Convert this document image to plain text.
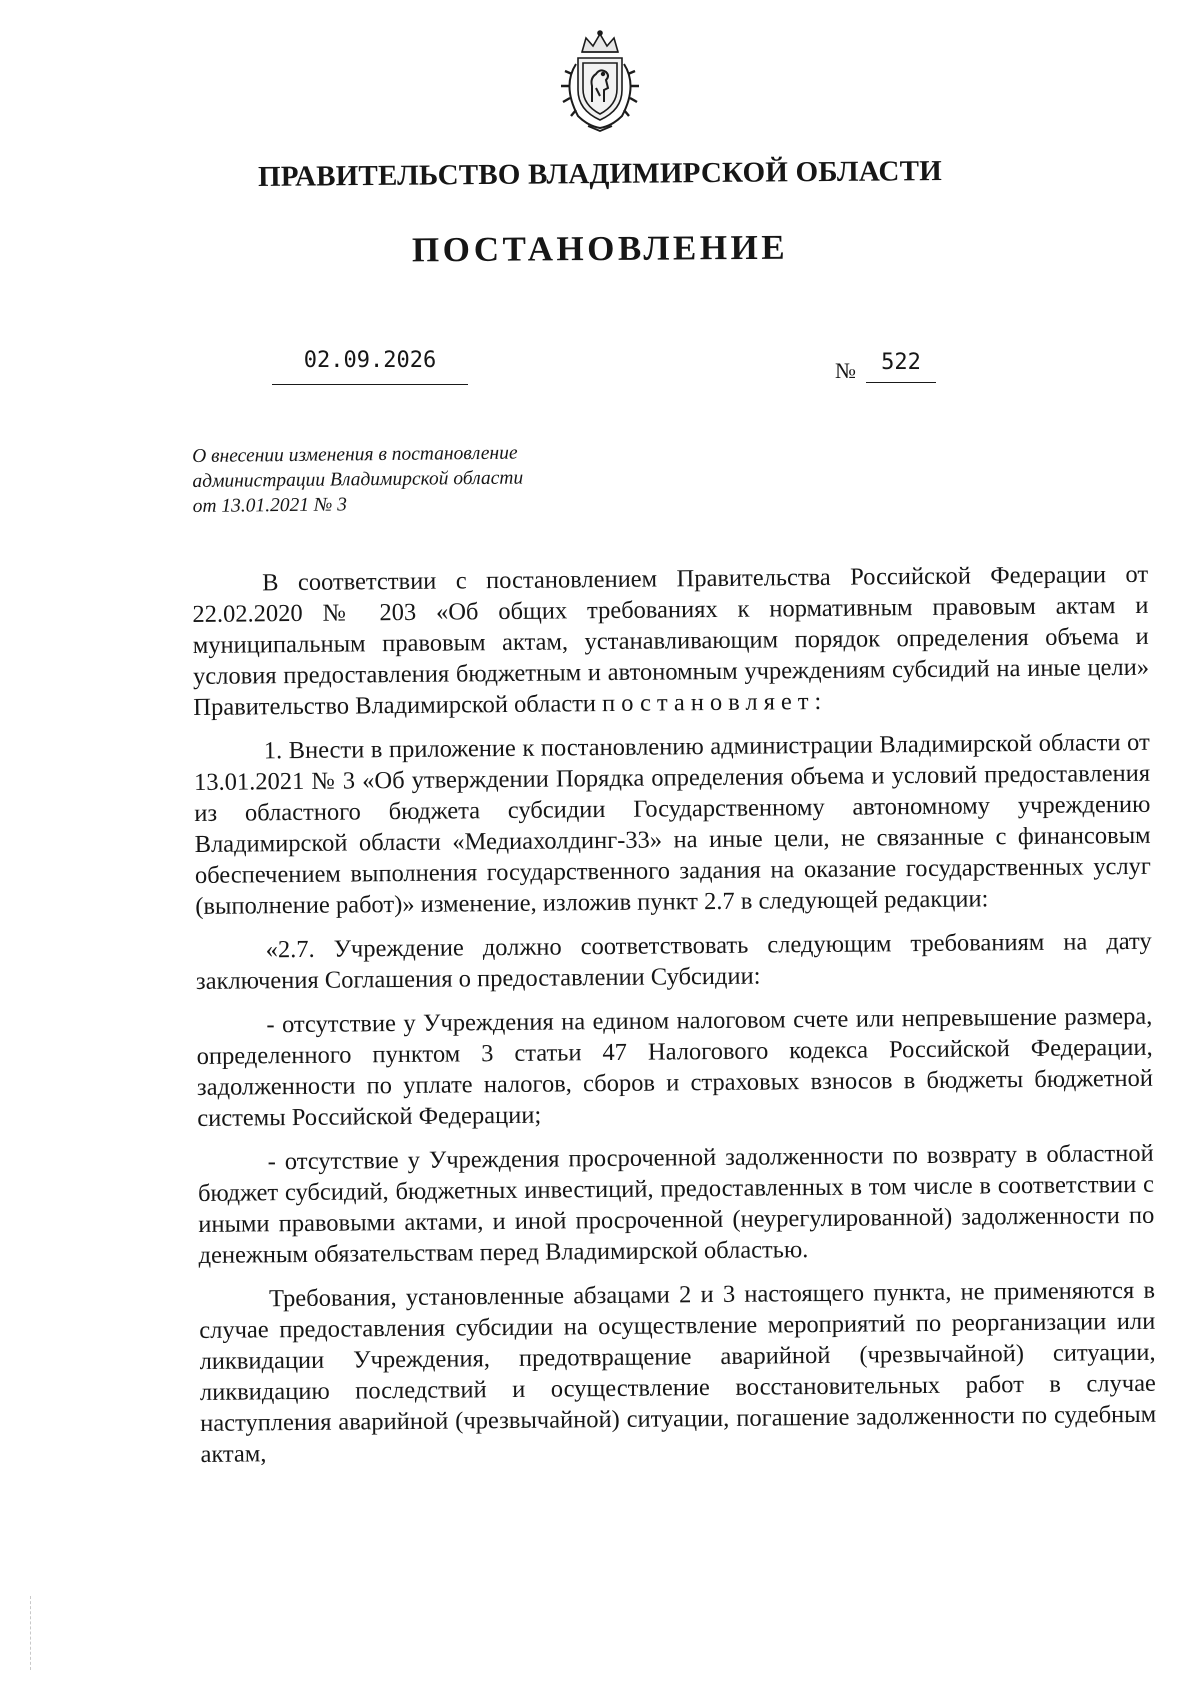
ПРАВИТЕЛЬСТВО ВЛАДИМИРСКОЙ ОБЛАСТИ
ПОСТАНОВЛЕНИЕ
02.09.2026	№	522
О внесении изменения в постановление
администрации Владимирской области
от 13.01.2021 № 3

В соответствии с постановлением Правительства Российской Федерации от 22.02.2020 № 203 «Об общих требованиях к нормативным правовым актам и муниципальным правовым актам, устанавливающим порядок определения объема и условия предоставления бюджетным и автономным учреждениям субсидий на иные цели» Правительство Владимирской области постановляет:

1. Внести в приложение к постановлению администрации Владимирской области от 13.01.2021 № 3 «Об утверждении Порядка определения объема и условий предоставления из областного бюджета субсидии Государственному автономному учреждению Владимирской области «Медиахолдинг-33» на иные цели, не связанные с финансовым обеспечением выполнения государственного задания на оказание государственных услуг (выполнение работ)» изменение, изложив пункт 2.7 в следующей редакции:

«2.7. Учреждение должно соответствовать следующим требованиям на дату заключения Соглашения о предоставлении Субсидии:

- отсутствие у Учреждения на едином налоговом счете или непревышение размера, определенного пунктом 3 статьи 47 Налогового кодекса Российской Федерации, задолженности по уплате налогов, сборов и страховых взносов в бюджеты бюджетной системы Российской Федерации;

- отсутствие у Учреждения просроченной задолженности по возврату в областной бюджет субсидий, бюджетных инвестиций, предоставленных в том числе в соответствии с иными правовыми актами, и иной просроченной (неурегулированной) задолженности по денежным обязательствам перед Владимирской областью.

Требования, установленные абзацами 2 и 3 настоящего пункта, не применяются в случае предоставления субсидии на осуществление мероприятий по реорганизации или ликвидации Учреждения, предотвращение аварийной (чрезвычайной) ситуации, ликвидацию последствий и осуществление восстановительных работ в случае наступления аварийной (чрезвычайной) ситуации, погашение задолженности по судебным актам,
